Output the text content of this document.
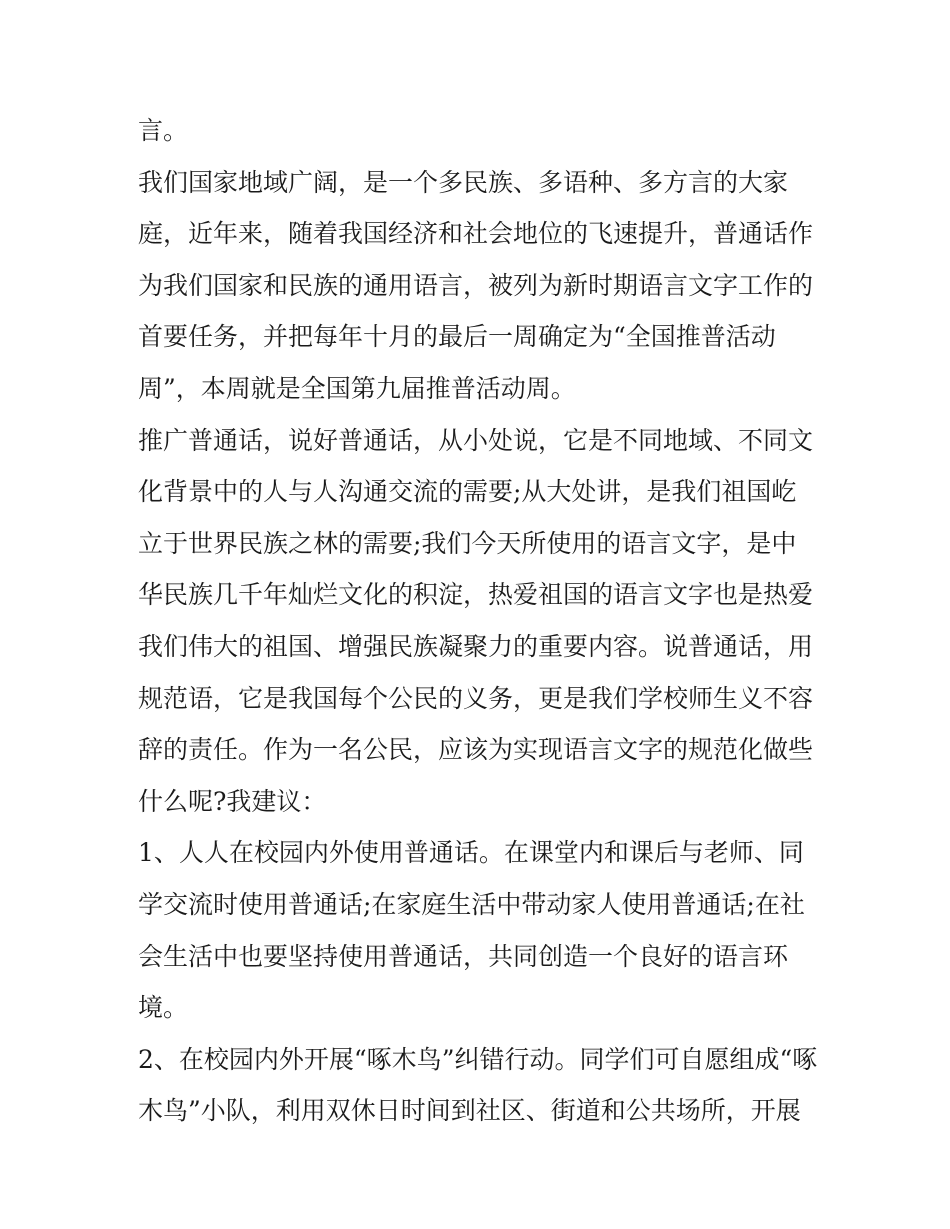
言。
我们国家地域广阔，是一个多民族、多语种、多方言的大家
庭，近年来，随着我国经济和社会地位的飞速提升，普通话作
为我们国家和民族的通用语言，被列为新时期语言文字工作的
首要任务，并把每年十月的最后一周确定为“全国推普活动
周”，本周就是全国第九届推普活动周。
推广普通话，说好普通话，从小处说，它是不同地域、不同文
化背景中的人与人沟通交流的需要;从大处讲，是我们祖国屹
立于世界民族之林的需要;我们今天所使用的语言文字，是中
华民族几千年灿烂文化的积淀，热爱祖国的语言文字也是热爱
我们伟大的祖国、增强民族凝聚力的重要内容。说普通话，用
规范语，它是我国每个公民的义务，更是我们学校师生义不容
辞的责任。作为一名公民，应该为实现语言文字的规范化做些
什么呢?我建议：
1、人人在校园内外使用普通话。在课堂内和课后与老师、同
学交流时使用普通话;在家庭生活中带动家人使用普通话;在社
会生活中也要坚持使用普通话，共同创造一个良好的语言环
境。
2、在校园内外开展“啄木鸟”纠错行动。同学们可自愿组成“啄
木鸟”小队，利用双休日时间到社区、街道和公共场所，开展
